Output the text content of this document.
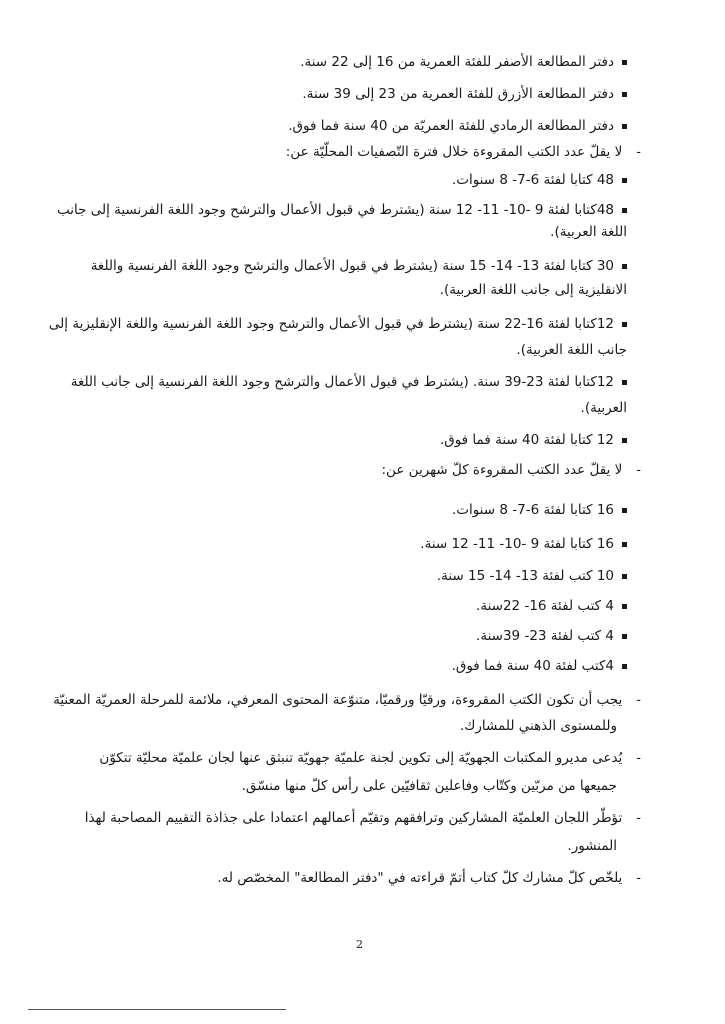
دفتر المطالعة الأصفر للفئة العمرية من 16 إلى 22 سنة.
دفتر المطالعة الأزرق للفئة العمرية من 23 إلى 39 سنة.
دفتر المطالعة الرمادي للفئة العمريّة من 40 سنة فما فوق.
-لا يقلّ عدد الكتب المقروءة خلال فترة التّصفيات المحلّيّة عن:
48 كتابا لفئة 6-7- 8 سنوات.
48كتابا لفئة 9 -10- 11- 12 سنة (يشترط في قبول الأعمال والترشح وجود اللغة الفرنسية إلى جانب
اللغة العربية).
30 كتابا لفئة 13- 14- 15 سنة (يشترط في قبول الأعمال والترشح وجود اللغة الفرنسية واللغة
الانقليزية إلى جانب اللغة العربية).
12كتابا لفئة 16-22 سنة (يشترط في قبول الأعمال والترشح وجود اللغة الفرنسية واللغة الإنقليزية إلى
جانب اللغة العربية).
12كتابا لفئة 23-39 سنة. (يشترط في قبول الأعمال والترشح وجود اللغة الفرنسية إلى جانب اللغة
العربية).
12 كتابا لفئة 40 سنة فما فوق.
-لا يقلّ عدد الكتب المقروءة كلّ شهرين عن:
16 كتابا لفئة 6-7- 8 سنوات.
16 كتابا لفئة 9 -10- 11- 12 سنة.
10 كتب لفئة 13- 14- 15 سنة.
4 كتب لفئة 16- 22سنة.
4 كتب لفئة 23- 39سنة.
4كتب لفئة 40 سنة فما فوق.
-يجب أن تكون الكتب المقروءة، ورقيّا ورقميّا، متنوّعة المحتوى المعرفي، ملائمة للمرحلة العمريّة المعنيّة
وللمستوى الذهني للمشارك.
-يُدعى مديرو المكتبات الجهويّة إلى تكوين لجنة علميّة جهويّة تنبثق عنها لجان علميّة محليّة تتكوّن
جميعها من مربّين وكتّاب وفاعلين ثقافيّين على رأس كلّ منها منسّق.
-تؤطّر اللجان العلميّة المشاركين وترافقهم وتقيّم أعمالهم اعتمادا على جذاذة التقييم المصاحبة لهذا
المنشور.
-يلخّص كلّ مشارك كلّ كتاب أتمّ قراءته في "دفتر المطالعة" المخصّص له.
2
